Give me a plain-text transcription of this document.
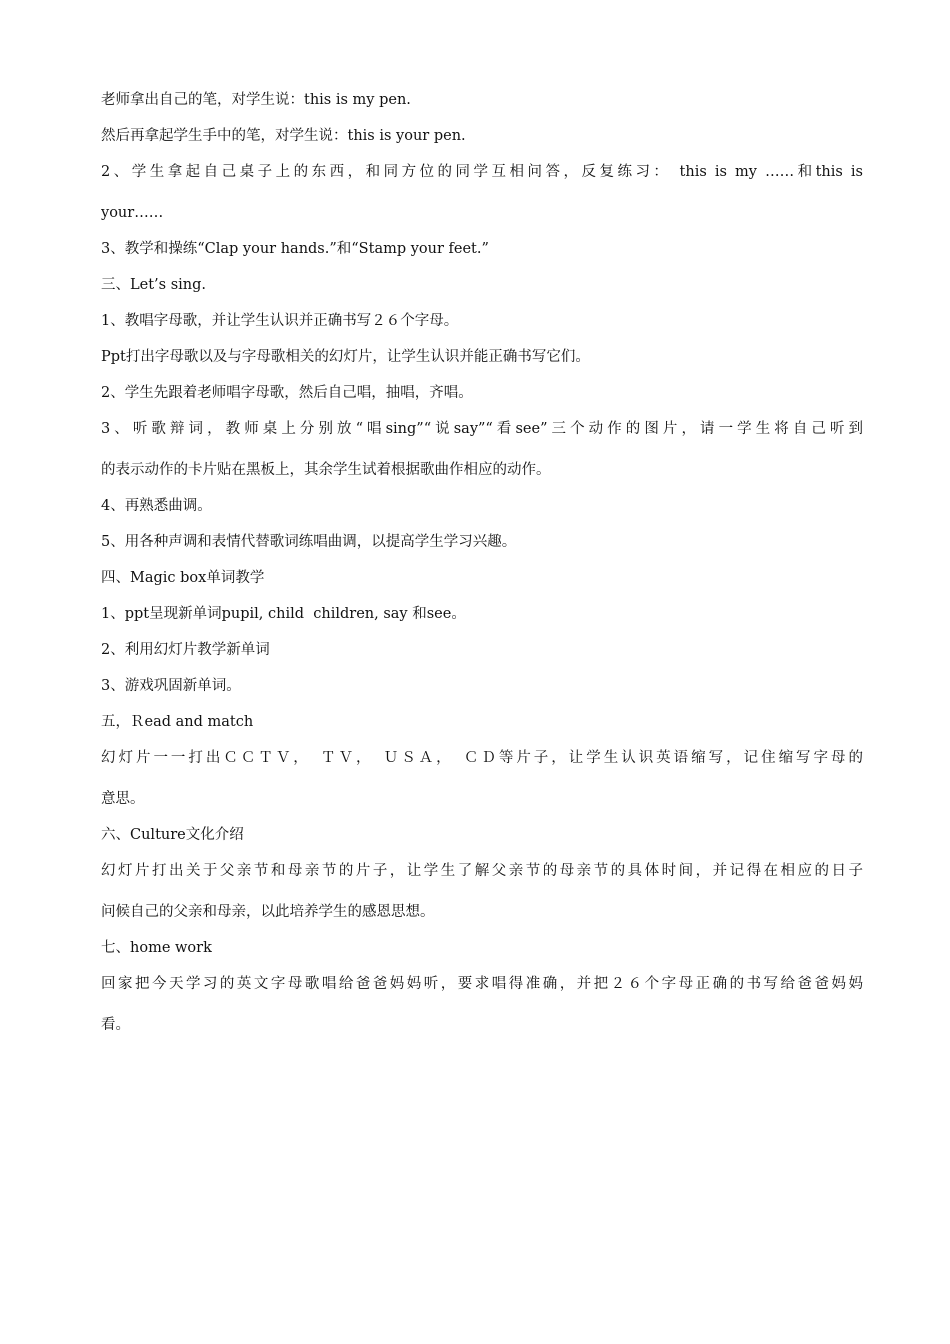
老师拿出自己的笔，对学生说：this is my pen.
然后再拿起学生手中的笔，对学生说：this is your pen.
2、学生拿起自己桌子上的东西，和同方位的同学互相问答，反复练习： this is my ……和this is
your……
3、教学和操练“Clap your hands.”和“Stamp your feet.”
三、Let’s sing.
1、教唱字母歌，并让学生认识并正确书写２６个字母。
Ppt打出字母歌以及与字母歌相关的幻灯片，让学生认识并能正确书写它们。
2、学生先跟着老师唱字母歌，然后自己唱，抽唱，齐唱。
3、听歌辩词，教师桌上分别放“唱sing”“说say”“看see”三个动作的图片，请一学生将自己听到
的表示动作的卡片贴在黑板上，其余学生试着根据歌曲作相应的动作。
4、再熟悉曲调。
5、用各种声调和表情代替歌词练唱曲调，以提高学生学习兴趣。
四、Magic box单词教学
1、ppt呈现新单词pupil, child  children, say 和see。
2、利用幻灯片教学新单词
3、游戏巩固新单词。
五，Ｒead and match
幻灯片一一打出ＣＣＴＶ，　ＴＶ，　ＵＳＡ，　ＣＤ等片子，让学生认识英语缩写，记住缩写字母的
意思。
六、Culture文化介绍
幻灯片打出关于父亲节和母亲节的片子，让学生了解父亲节的母亲节的具体时间，并记得在相应的日子
问候自己的父亲和母亲，以此培养学生的感恩思想。
七、home work
回家把今天学习的英文字母歌唱给爸爸妈妈听，要求唱得准确，并把２６个字母正确的书写给爸爸妈妈
看。
